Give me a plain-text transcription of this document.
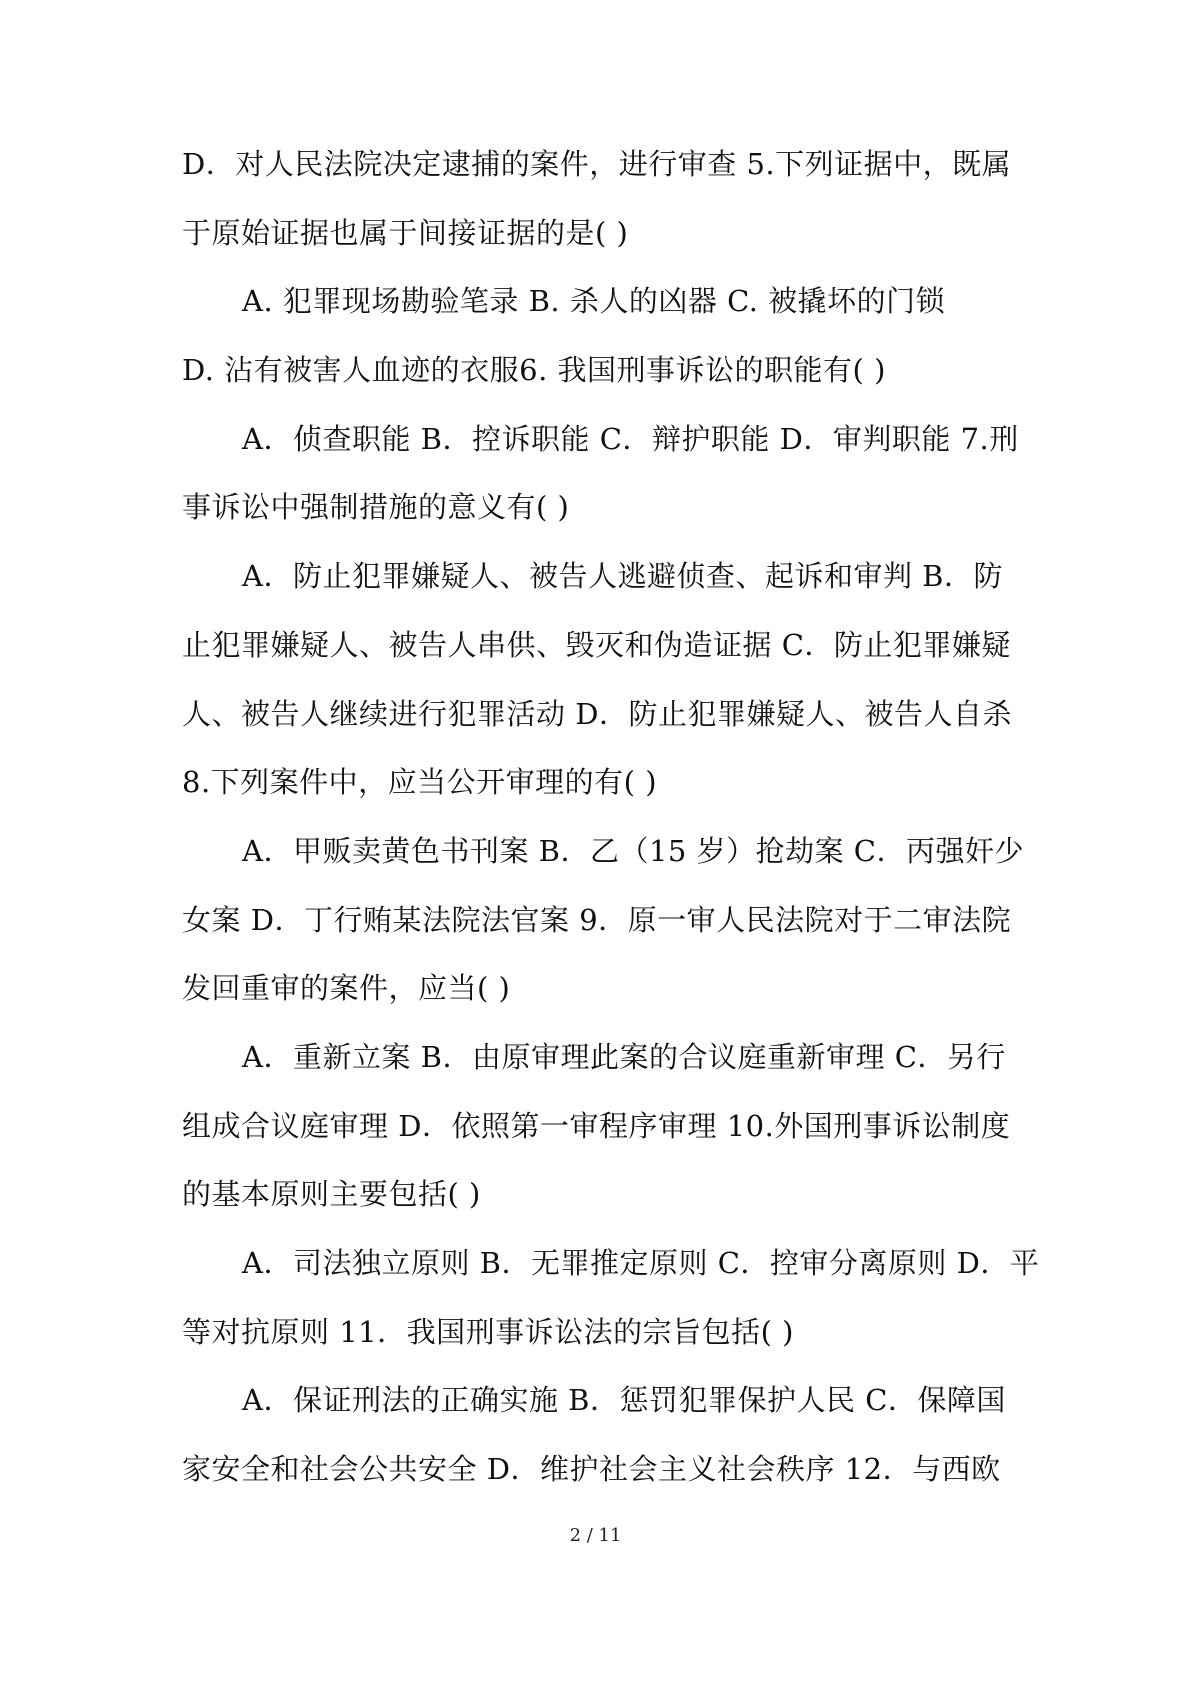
D．对人民法院决定逮捕的案件，进行审查 5.下列证据中，既属
于原始证据也属于间接证据的是( )
A. 犯罪现场勘验笔录 B. 杀人的凶器 C. 被撬坏的门锁
D. 沾有被害人血迹的衣服6. 我国刑事诉讼的职能有( )
A．侦查职能 B．控诉职能 C．辩护职能 D．审判职能 7.刑
事诉讼中强制措施的意义有( )
A．防止犯罪嫌疑人、被告人逃避侦查、起诉和审判 B．防
止犯罪嫌疑人、被告人串供、毁灭和伪造证据 C．防止犯罪嫌疑
人、被告人继续进行犯罪活动 D．防止犯罪嫌疑人、被告人自杀
8.下列案件中，应当公开审理的有( )
A．甲贩卖黄色书刊案 B．乙（15 岁）抢劫案 C．丙强奸少
女案 D．丁行贿某法院法官案 9．原一审人民法院对于二审法院
发回重审的案件，应当( )
A．重新立案 B．由原审理此案的合议庭重新审理 C．另行
组成合议庭审理 D．依照第一审程序审理 10.外国刑事诉讼制度
的基本原则主要包括( )
A．司法独立原则 B．无罪推定原则 C．控审分离原则 D．平
等对抗原则 11．我国刑事诉讼法的宗旨包括( )
A．保证刑法的正确实施 B．惩罚犯罪保护人民 C．保障国
家安全和社会公共安全 D．维护社会主义社会秩序 12．与西欧
2 / 11
